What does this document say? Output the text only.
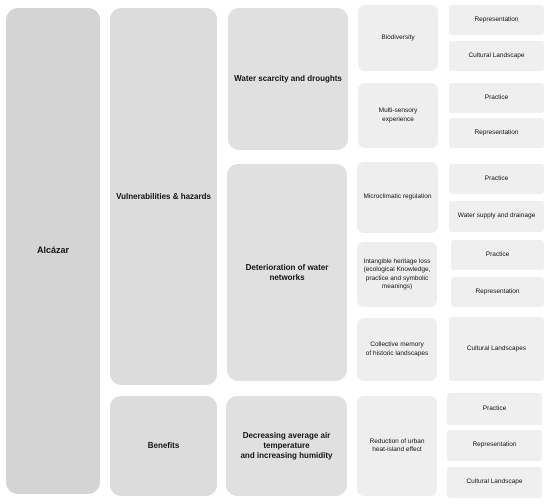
Alcázar
Vulnerabilities & hazards
Benefits
Water scarcity and droughts
Deterioration of water networks
Decreasing average air temperature
and increasing humidity
Biodiversity
Multi-sensory experience
Microclimatic regulation
Intangible heritage loss
(ecological Knowledge,
practice and symbolic
meanings)
Collective memory
of historic landscapes
Reduction of urban
heat-island effect
Representation
Cultural Landscape
Practice
Representation
Practice
Water supply and drainage
Practice
Representation
Cultural Landscapes
Practice
Representation
Cultural Landscape
